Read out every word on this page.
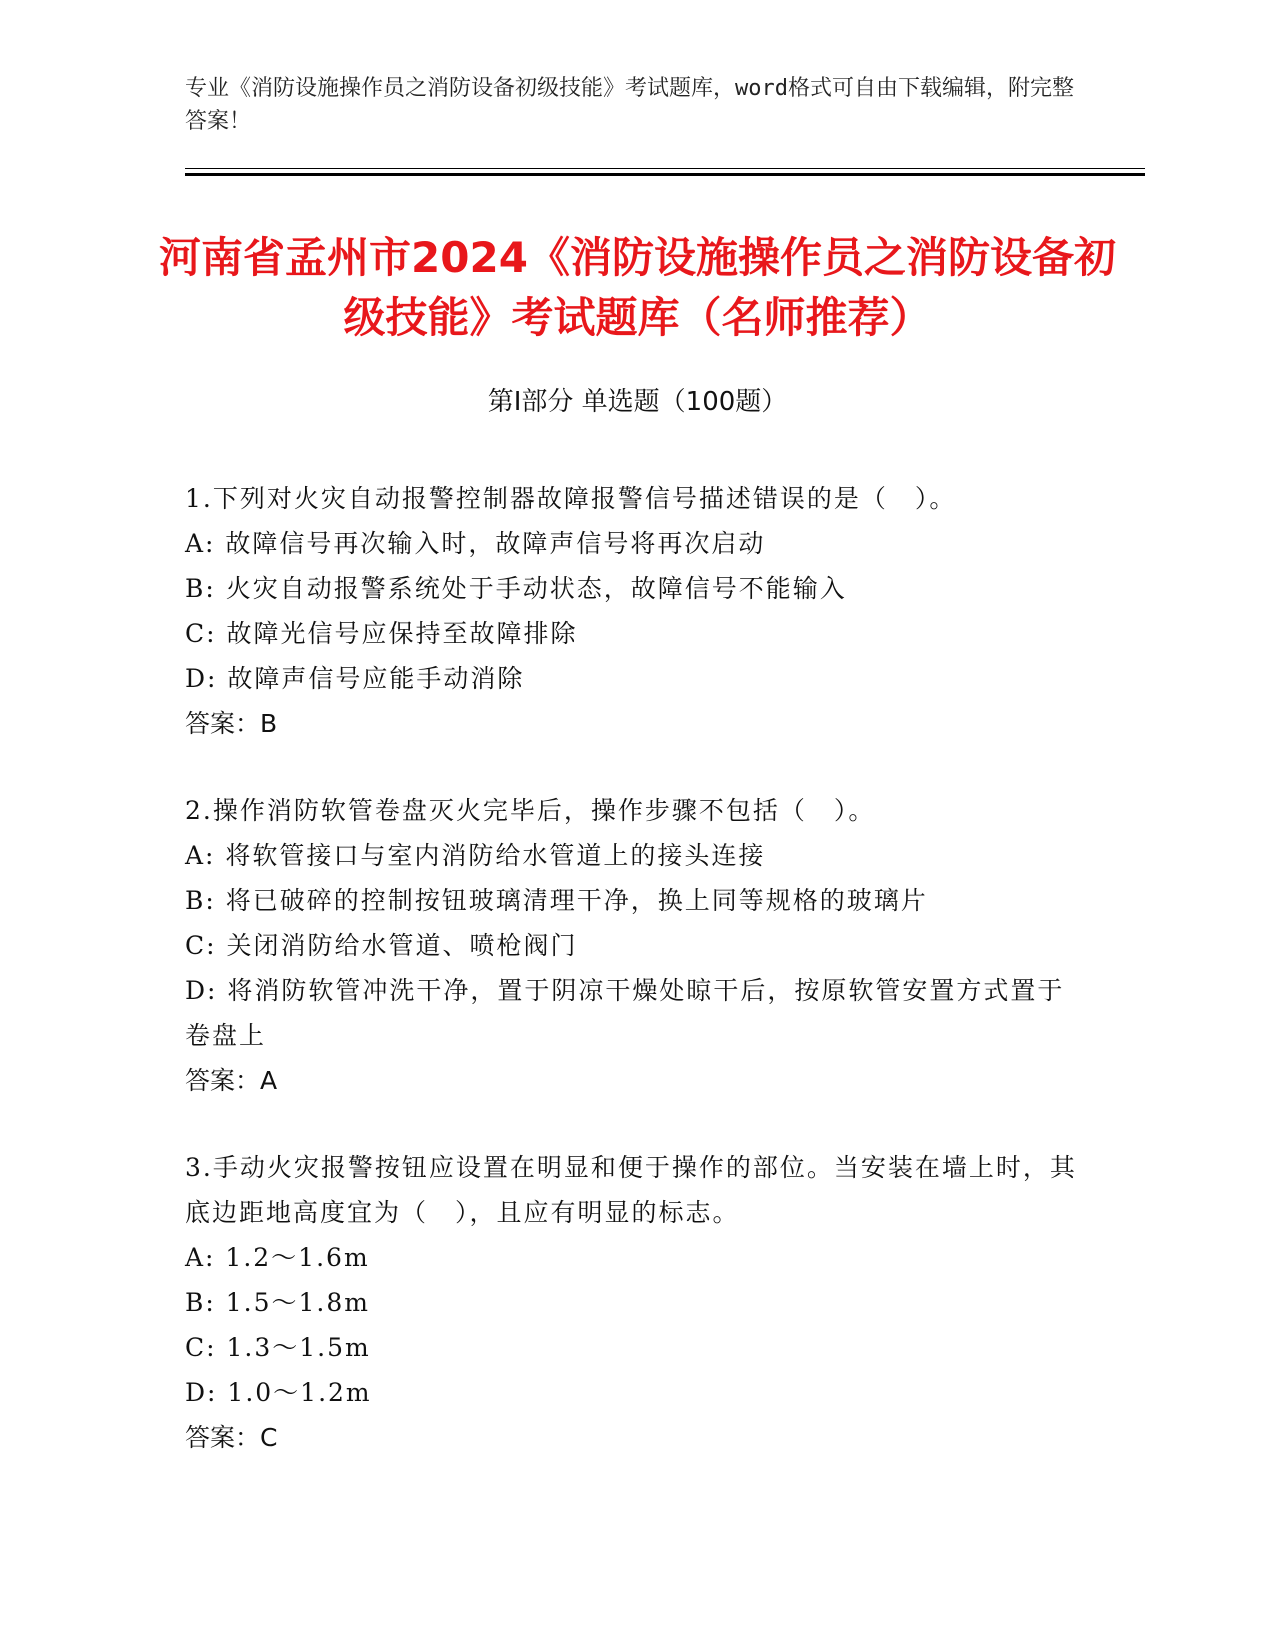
专业《消防设施操作员之消防设备初级技能》考试题库，word格式可自由下载编辑，附完整答案！
河南省孟州市2024《消防设施操作员之消防设备初级技能》考试题库（名师推荐）
第Ⅰ部分 单选题（100题）
1.下列对火灾自动报警控制器故障报警信号描述错误的是（　）。
A: 故障信号再次输入时，故障声信号将再次启动
B: 火灾自动报警系统处于手动状态，故障信号不能输入
C: 故障光信号应保持至故障排除
D: 故障声信号应能手动消除
答案：B
2.操作消防软管卷盘灭火完毕后，操作步骤不包括（　）。
A: 将软管接口与室内消防给水管道上的接头连接
B: 将已破碎的控制按钮玻璃清理干净，换上同等规格的玻璃片
C: 关闭消防给水管道、喷枪阀门
D: 将消防软管冲洗干净，置于阴凉干燥处晾干后，按原软管安置方式置于卷盘上
答案：A
3.手动火灾报警按钮应设置在明显和便于操作的部位。当安装在墙上时，其底边距地高度宜为（　），且应有明显的标志。
A: 1.2～1.6m
B: 1.5～1.8m
C: 1.3～1.5m
D: 1.0～1.2m
答案：C
